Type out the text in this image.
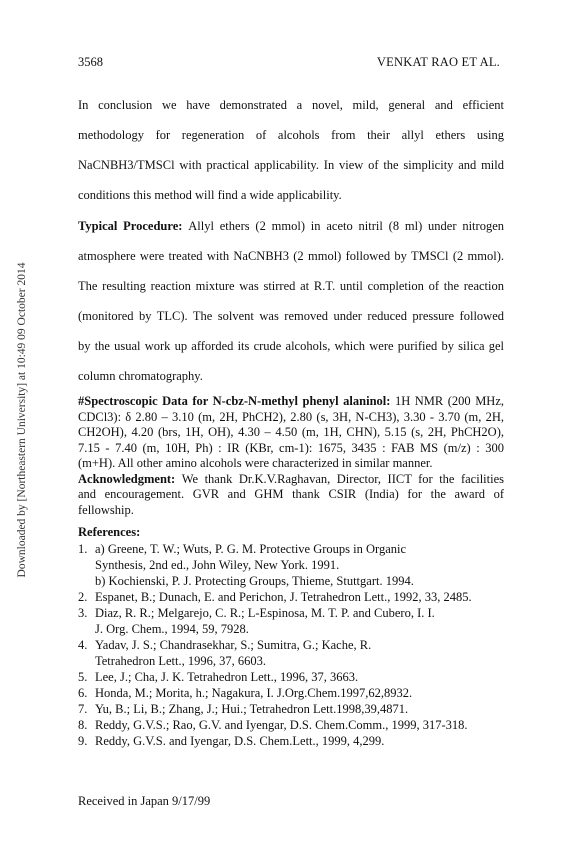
3568	VENKAT RAO ET AL.
Downloaded by [Northeastern University] at 10:49 09 October 2014
In conclusion we have demonstrated a novel, mild, general and efficient
methodology for regeneration of alcohols from their allyl ethers using
NaCNBH3/TMSCl with practical applicability. In view of the simplicity and mild
conditions this method will find a wide applicability.
Typical Procedure: Allyl ethers (2 mmol) in aceto nitril (8 ml) under nitrogen
atmosphere were treated with NaCNBH3 (2 mmol) followed by TMSCl (2 mmol).
The resulting reaction mixture was stirred at R.T. until completion of the reaction
(monitored by TLC). The solvent was removed under reduced pressure followed
by the usual work up afforded its crude alcohols, which were purified by silica gel
column chromatography.
#Spectroscopic Data for N-cbz-N-methyl phenyl alaninol: 1H NMR (200 MHz,
CDCl3): δ 2.80 – 3.10 (m, 2H, PhCH2), 2.80 (s, 3H, N-CH3), 3.30 - 3.70 (m, 2H,
CH2OH), 4.20 (brs, 1H, OH), 4.30 – 4.50 (m, 1H, CHN), 5.15 (s, 2H, PhCH2O),
7.15 - 7.40 (m, 10H, Ph) : IR (KBr, cm-1): 1675, 3435 : FAB MS (m/z) : 300
(m+H). All other amino alcohols were characterized in similar manner.
Acknowledgment: We thank Dr.K.V.Raghavan, Director, IICT for the facilities
and encouragement. GVR and GHM thank CSIR (India) for the award of
fellowship.
References:
1. a) Greene, T. W.; Wuts, P. G. M. Protective Groups in Organic
Synthesis, 2nd ed., John Wiley, New York. 1991.
b) Kochienski, P. J. Protecting Groups, Thieme, Stuttgart. 1994.
2. Espanet, B.; Dunach, E. and Perichon, J. Tetrahedron Lett., 1992, 33, 2485.
3. Diaz, R. R.; Melgarejo, C. R.; L-Espinosa, M. T. P. and Cubero, I. I.
J. Org. Chem., 1994, 59, 7928.
4. Yadav, J. S.; Chandrasekhar, S.; Sumitra, G.; Kache, R.
Tetrahedron Lett., 1996, 37, 6603.
5. Lee, J.; Cha, J. K. Tetrahedron Lett., 1996, 37, 3663.
6. Honda, M.; Morita, h.; Nagakura, I. J.Org.Chem.1997,62,8932.
7. Yu, B.; Li, B.; Zhang, J.; Hui.; Tetrahedron Lett.1998,39,4871.
8. Reddy, G.V.S.; Rao, G.V. and Iyengar, D.S. Chem.Comm., 1999, 317-318.
9. Reddy, G.V.S. and Iyengar, D.S. Chem.Lett., 1999, 4,299.
Received in Japan 9/17/99
